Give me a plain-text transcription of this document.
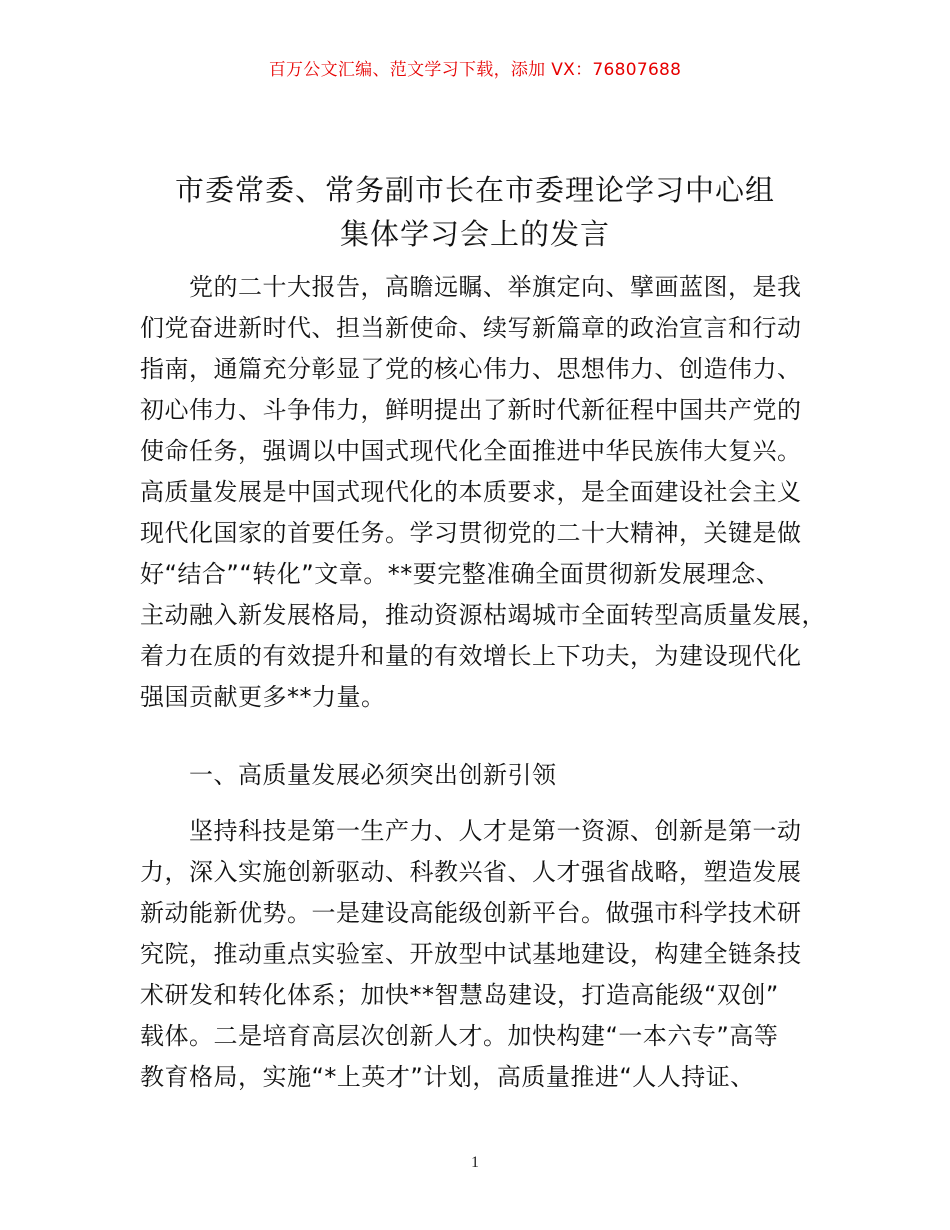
百万公文汇编、范文学习下载，添加 VX：76807688
市委常委、常务副市长在市委理论学习中心组
集体学习会上的发言
　　党的二十大报告，高瞻远瞩、举旗定向、擘画蓝图，是我
们党奋进新时代、担当新使命、续写新篇章的政治宣言和行动
指南，通篇充分彰显了党的核心伟力、思想伟力、创造伟力、
初心伟力、斗争伟力，鲜明提出了新时代新征程中国共产党的
使命任务，强调以中国式现代化全面推进中华民族伟大复兴。
高质量发展是中国式现代化的本质要求，是全面建设社会主义
现代化国家的首要任务。学习贯彻党的二十大精神，关键是做
好“结合”“转化”文章。**要完整准确全面贯彻新发展理念、
主动融入新发展格局，推动资源枯竭城市全面转型高质量发展，
着力在质的有效提升和量的有效增长上下功夫，为建设现代化
强国贡献更多**力量。
　　一、高质量发展必须突出创新引领
　　坚持科技是第一生产力、人才是第一资源、创新是第一动
力，深入实施创新驱动、科教兴省、人才强省战略，塑造发展
新动能新优势。一是建设高能级创新平台。做强市科学技术研
究院，推动重点实验室、开放型中试基地建设，构建全链条技
术研发和转化体系；加快**智慧岛建设，打造高能级“双创”
载体。二是培育高层次创新人才。加快构建“一本六专”高等
教育格局，实施“*上英才”计划，高质量推进“人人持证、
1
